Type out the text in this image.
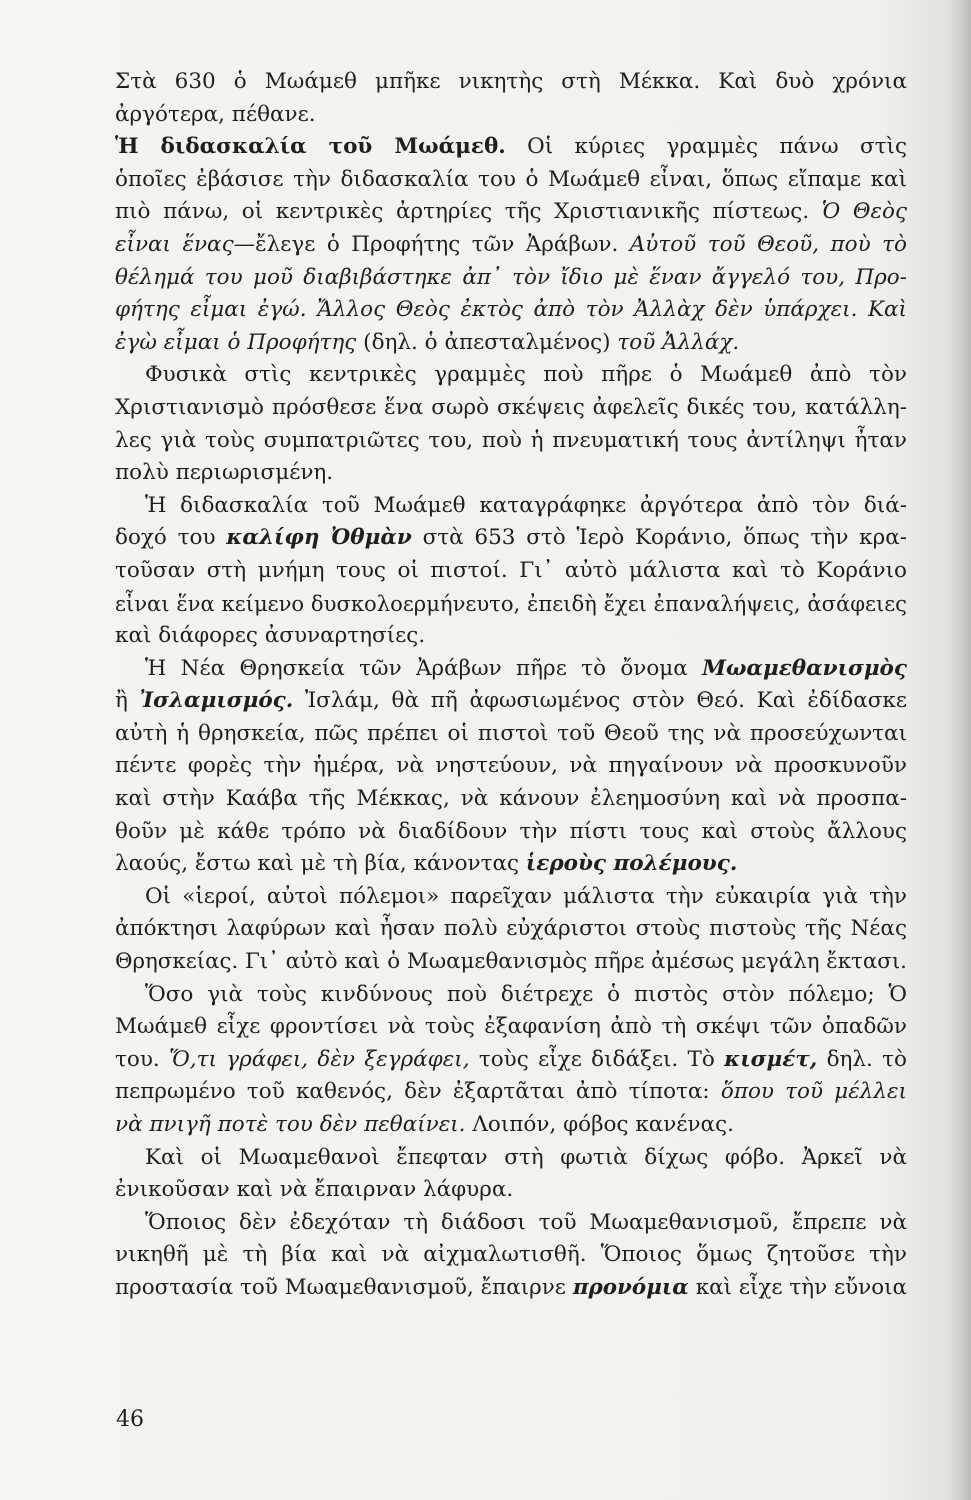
Στὰ 630 ὁ Μωάμεθ μπῆκε νικητὴς στὴ Μέκκα. Καὶ δυὸ χρόνια
ἀργότερα, πέθανε.

Ἡ διδασκαλία τοῦ Μωάμεθ. Οἱ κύριες γραμμὲς πάνω στὶς
ὁποῖες ἐβάσισε τὴν διδασκαλία του ὁ Μωάμεθ εἶναι, ὅπως εἴπαμε καὶ
πιὸ πάνω, οἱ κεντρικὲς ἀρτηρίες τῆς Χριστιανικῆς πίστεως. Ὁ Θεὸς
εἶναι ἕνας—ἔλεγε ὁ Προφήτης τῶν Ἀράβων. Αὐτοῦ τοῦ Θεοῦ, ποὺ τὸ
θέλημά του μοῦ διαβιβάστηκε ἀπ᾽ τὸν ἴδιο μὲ ἕναν ἄγγελό του, Προ-
φήτης εἶμαι ἐγώ. Ἄλλος Θεὸς ἐκτὸς ἀπὸ τὸν Ἀλλὰχ δὲν ὑπάρχει. Καὶ
ἐγὼ εἶμαι ὁ Προφήτης (δηλ. ὁ ἀπεσταλμένος) τοῦ Ἀλλάχ.

Φυσικὰ στὶς κεντρικὲς γραμμὲς ποὺ πῆρε ὁ Μωάμεθ ἀπὸ τὸν
Χριστιανισμὸ πρόσθεσε ἕνα σωρὸ σκέψεις ἀφελεῖς δικές του, κατάλλη-
λες γιὰ τοὺς συμπατριῶτες του, ποὺ ἡ πνευματική τους ἀντίληψι ἦταν
πολὺ περιωρισμένη.

Ἡ διδασκαλία τοῦ Μωάμεθ καταγράφηκε ἀργότερα ἀπὸ τὸν διά-
δοχό του καλίφη Ὀθμὰν στὰ 653 στὸ Ἱερὸ Κοράνιο, ὅπως τὴν κρα-
τοῦσαν στὴ μνήμη τους οἱ πιστοί. Γι᾽ αὐτὸ μάλιστα καὶ τὸ Κοράνιο
εἶναι ἕνα κείμενο δυσκολοερμήνευτο, ἐπειδὴ ἔχει ἐπαναλήψεις, ἀσάφειες
καὶ διάφορες ἀσυναρτησίες.

Ἡ Νέα Θρησκεία τῶν Ἀράβων πῆρε τὸ ὄνομα Μωαμεθανισμὸς
ἢ Ἰσλαμισμός. Ἰσλάμ, θὰ πῆ ἀφωσιωμένος στὸν Θεό. Καὶ ἐδίδασκε
αὐτὴ ἡ θρησκεία, πῶς πρέπει οἱ πιστοὶ τοῦ Θεοῦ της νὰ προσεύχωνται
πέντε φορὲς τὴν ἡμέρα, νὰ νηστεύουν, νὰ πηγαίνουν νὰ προσκυνοῦν
καὶ στὴν Καάβα τῆς Μέκκας, νὰ κάνουν ἐλεημοσύνη καὶ νὰ προσπα-
θοῦν μὲ κάθε τρόπο νὰ διαδίδουν τὴν πίστι τους καὶ στοὺς ἄλλους
λαούς, ἔστω καὶ μὲ τὴ βία, κάνοντας ἱεροὺς πολέμους.

Οἱ «ἱεροί, αὐτοὶ πόλεμοι» παρεῖχαν μάλιστα τὴν εὐκαιρία γιὰ τὴν
ἀπόκτησι λαφύρων καὶ ἦσαν πολὺ εὐχάριστοι στοὺς πιστοὺς τῆς Νέας
Θρησκείας. Γι᾽ αὐτὸ καὶ ὁ Μωαμεθανισμὸς πῆρε ἀμέσως μεγάλη ἔκτασι.

Ὅσο γιὰ τοὺς κινδύνους ποὺ διέτρεχε ὁ πιστὸς στὸν πόλεμο; Ὁ
Μωάμεθ εἶχε φροντίσει νὰ τοὺς ἐξαφανίση ἀπὸ τὴ σκέψι τῶν ὀπαδῶν
του. Ὅ,τι γράφει, δὲν ξεγράφει, τοὺς εἶχε διδάξει. Τὸ κισμέτ, δηλ. τὸ
πεπρωμένο τοῦ καθενός, δὲν ἐξαρτᾶται ἀπὸ τίποτα: ὅπου τοῦ μέλλει
νὰ πνιγῆ ποτὲ του δὲν πεθαίνει. Λοιπόν, φόβος κανένας.

Καὶ οἱ Μωαμεθανοὶ ἔπεφταν στὴ φωτιὰ δίχως φόβο. Ἀρκεῖ νὰ
ἐνικοῦσαν καὶ νὰ ἔπαιρναν λάφυρα.

Ὅποιος δὲν ἐδεχόταν τὴ διάδοσι τοῦ Μωαμεθανισμοῦ, ἔπρεπε νὰ
νικηθῆ μὲ τὴ βία καὶ νὰ αἰχμαλωτισθῆ. Ὅποιος ὅμως ζητοῦσε τὴν
προστασία τοῦ Μωαμεθανισμοῦ, ἔπαιρνε προνόμια καὶ εἶχε τὴν εὔνοια

46
